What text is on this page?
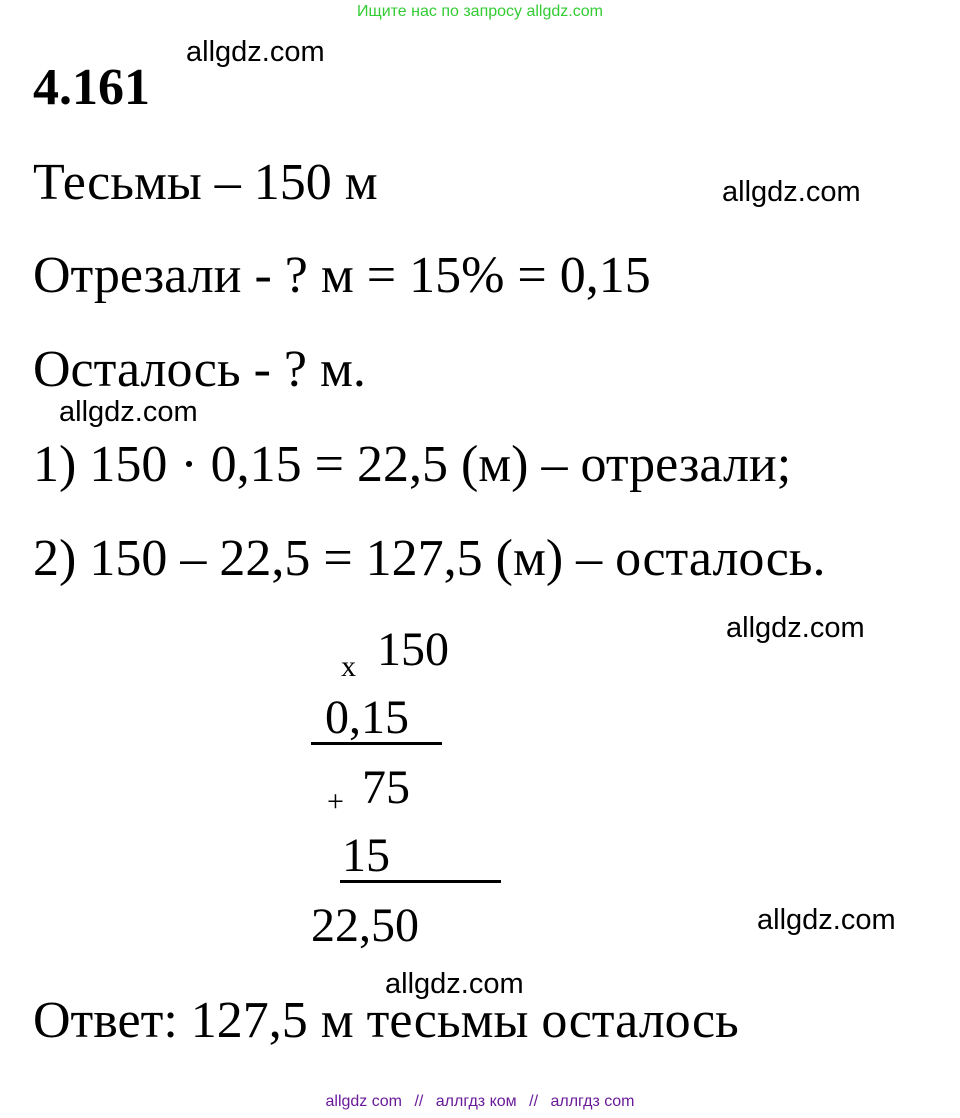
Ищите нас по запросу allgdz.com
4.161
allgdz.com
Тесьмы – 150 м	allgdz.com
Отрезали - ? м = 15% = 0,15
Осталось - ? м.
allgdz.com
1) 150 · 0,15 = 22,5 (м) – отрезали;
2) 150 – 22,5 = 127,5 (м) – осталось.
x 150	allgdz.com
0,15
+ 75
15
22,50	allgdz.com
allgdz.com
Ответ: 127,5 м тесьмы осталось
allgdz com // аллгдз ком // аллгдз com
